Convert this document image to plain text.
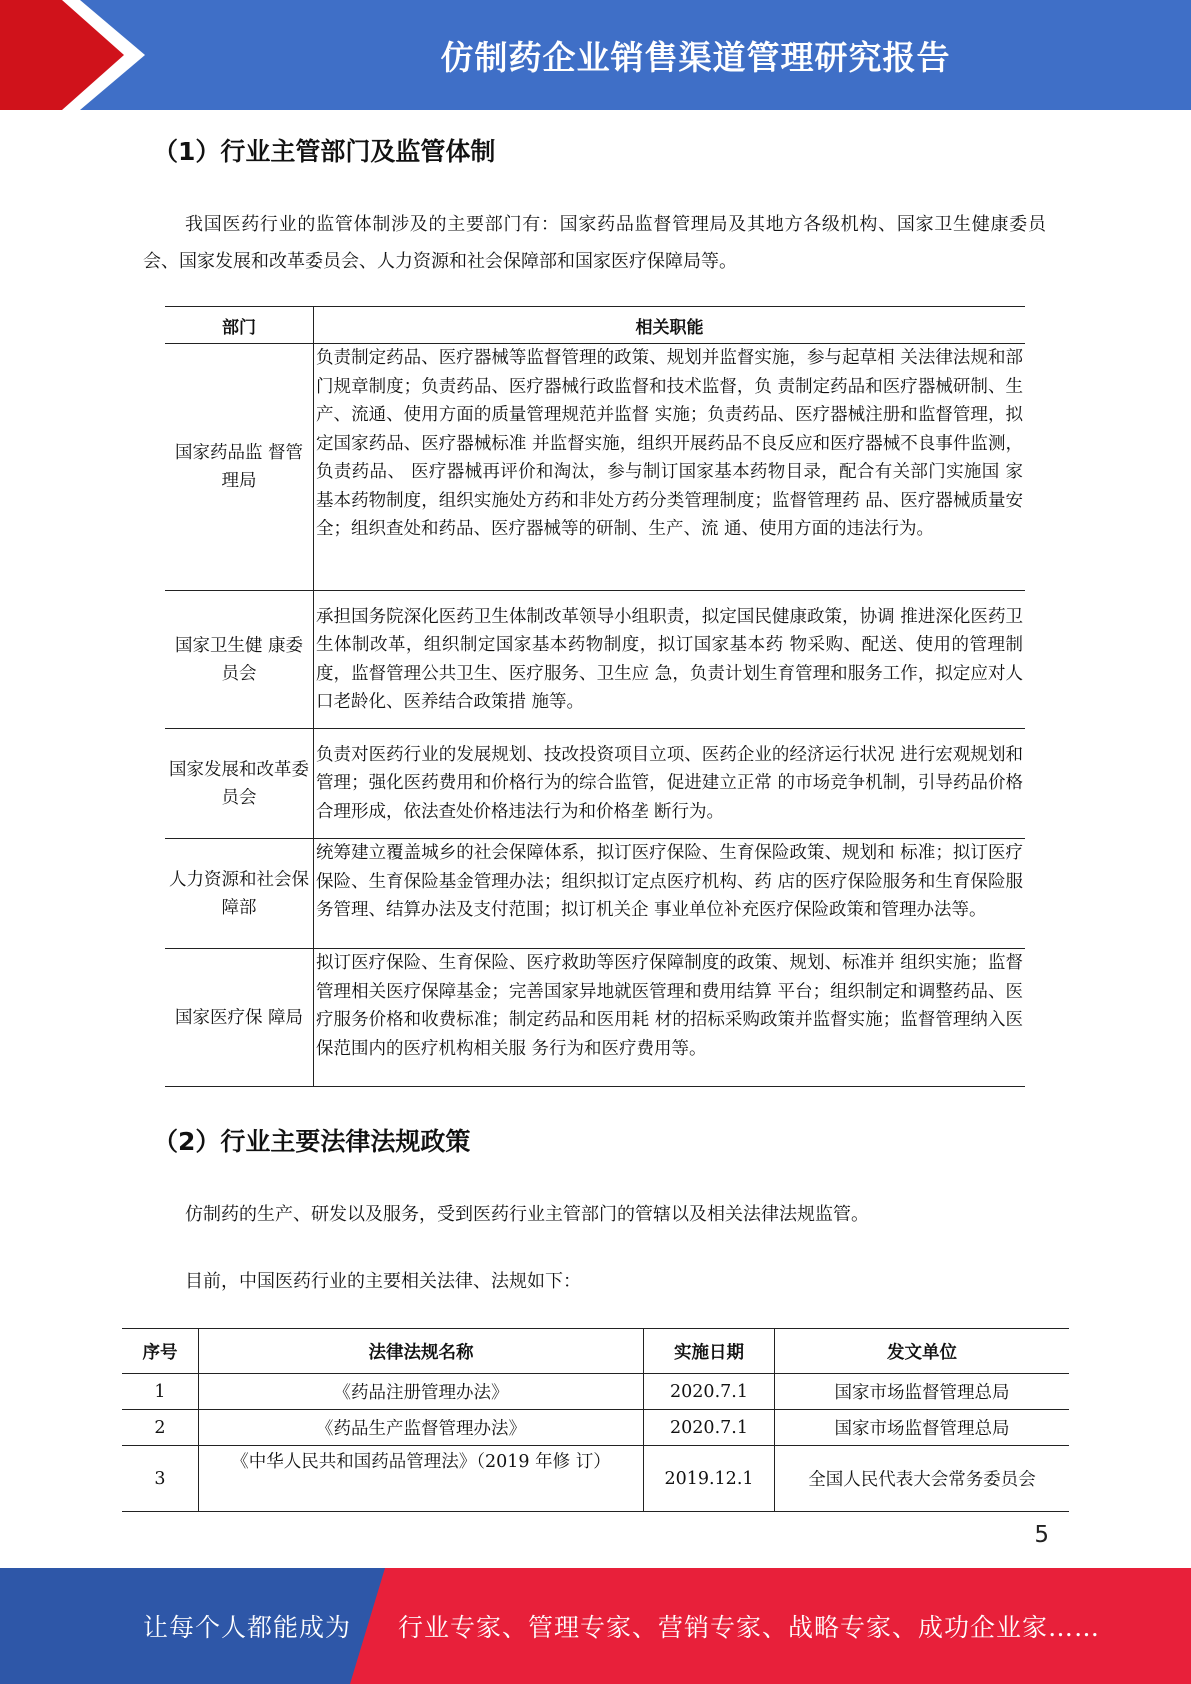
仿制药企业销售渠道管理研究报告
（1）行业主管部门及监管体制
我国医药行业的监管体制涉及的主要部门有：国家药品监督管理局及其地方各级机构、国家卫生健康委员会、国家发展和改革委员会、人力资源和社会保障部和国家医疗保障局等。
部门	相关职能
国家药品监 督管理局	负责制定药品、医疗器械等监督管理的政策、规划并监督实施，参与起草相 关法律法规和部门规章制度；负责药品、医疗器械行政监督和技术监督，负 责制定药品和医疗器械研制、生产、流通、使用方面的质量管理规范并监督 实施；负责药品、医疗器械注册和监督管理，拟定国家药品、医疗器械标准 并监督实施，组织开展药品不良反应和医疗器械不良事件监测，负责药品、 医疗器械再评价和淘汰，参与制订国家基本药物目录，配合有关部门实施国 家基本药物制度，组织实施处方药和非处方药分类管理制度；监督管理药 品、医疗器械质量安全；组织查处和药品、医疗器械等的研制、生产、流 通、使用方面的违法行为。
国家卫生健 康委员会	承担国务院深化医药卫生体制改革领导小组职责，拟定国民健康政策，协调 推进深化医药卫生体制改革，组织制定国家基本药物制度，拟订国家基本药 物采购、配送、使用的管理制度，监督管理公共卫生、医疗服务、卫生应 急，负责计划生育管理和服务工作，拟定应对人口老龄化、医养结合政策措 施等。
国家发展和改革委员会	负责对医药行业的发展规划、技改投资项目立项、医药企业的经济运行状况 进行宏观规划和管理；强化医药费用和价格行为的综合监管，促进建立正常 的市场竞争机制，引导药品价格合理形成，依法查处价格违法行为和价格垄 断行为。
人力资源和社会保障部	统筹建立覆盖城乡的社会保障体系，拟订医疗保险、生育保险政策、规划和 标准；拟订医疗保险、生育保险基金管理办法；组织拟订定点医疗机构、药 店的医疗保险服务和生育保险服务管理、结算办法及支付范围；拟订机关企 事业单位补充医疗保险政策和管理办法等。
国家医疗保 障局	拟订医疗保险、生育保险、医疗救助等医疗保障制度的政策、规划、标准并 组织实施；监督管理相关医疗保障基金；完善国家异地就医管理和费用结算 平台；组织制定和调整药品、医疗服务价格和收费标准；制定药品和医用耗 材的招标采购政策并监督实施；监督管理纳入医保范围内的医疗机构相关服 务行为和医疗费用等。
（2）行业主要法律法规政策
仿制药的生产、研发以及服务，受到医药行业主管部门的管辖以及相关法律法规监管。
目前，中国医药行业的主要相关法律、法规如下：
序号	法律法规名称	实施日期	发文单位
1	《药品注册管理办法》	2020.7.1	国家市场监督管理总局
2	《药品生产监督管理办法》	2020.7.1	国家市场监督管理总局
3	《中华人民共和国药品管理法》（2019 年修 订）	2019.12.1	全国人民代表大会常务委员会
5
让每个人都能成为 行业专家、管理专家、营销专家、战略专家、成功企业家……
